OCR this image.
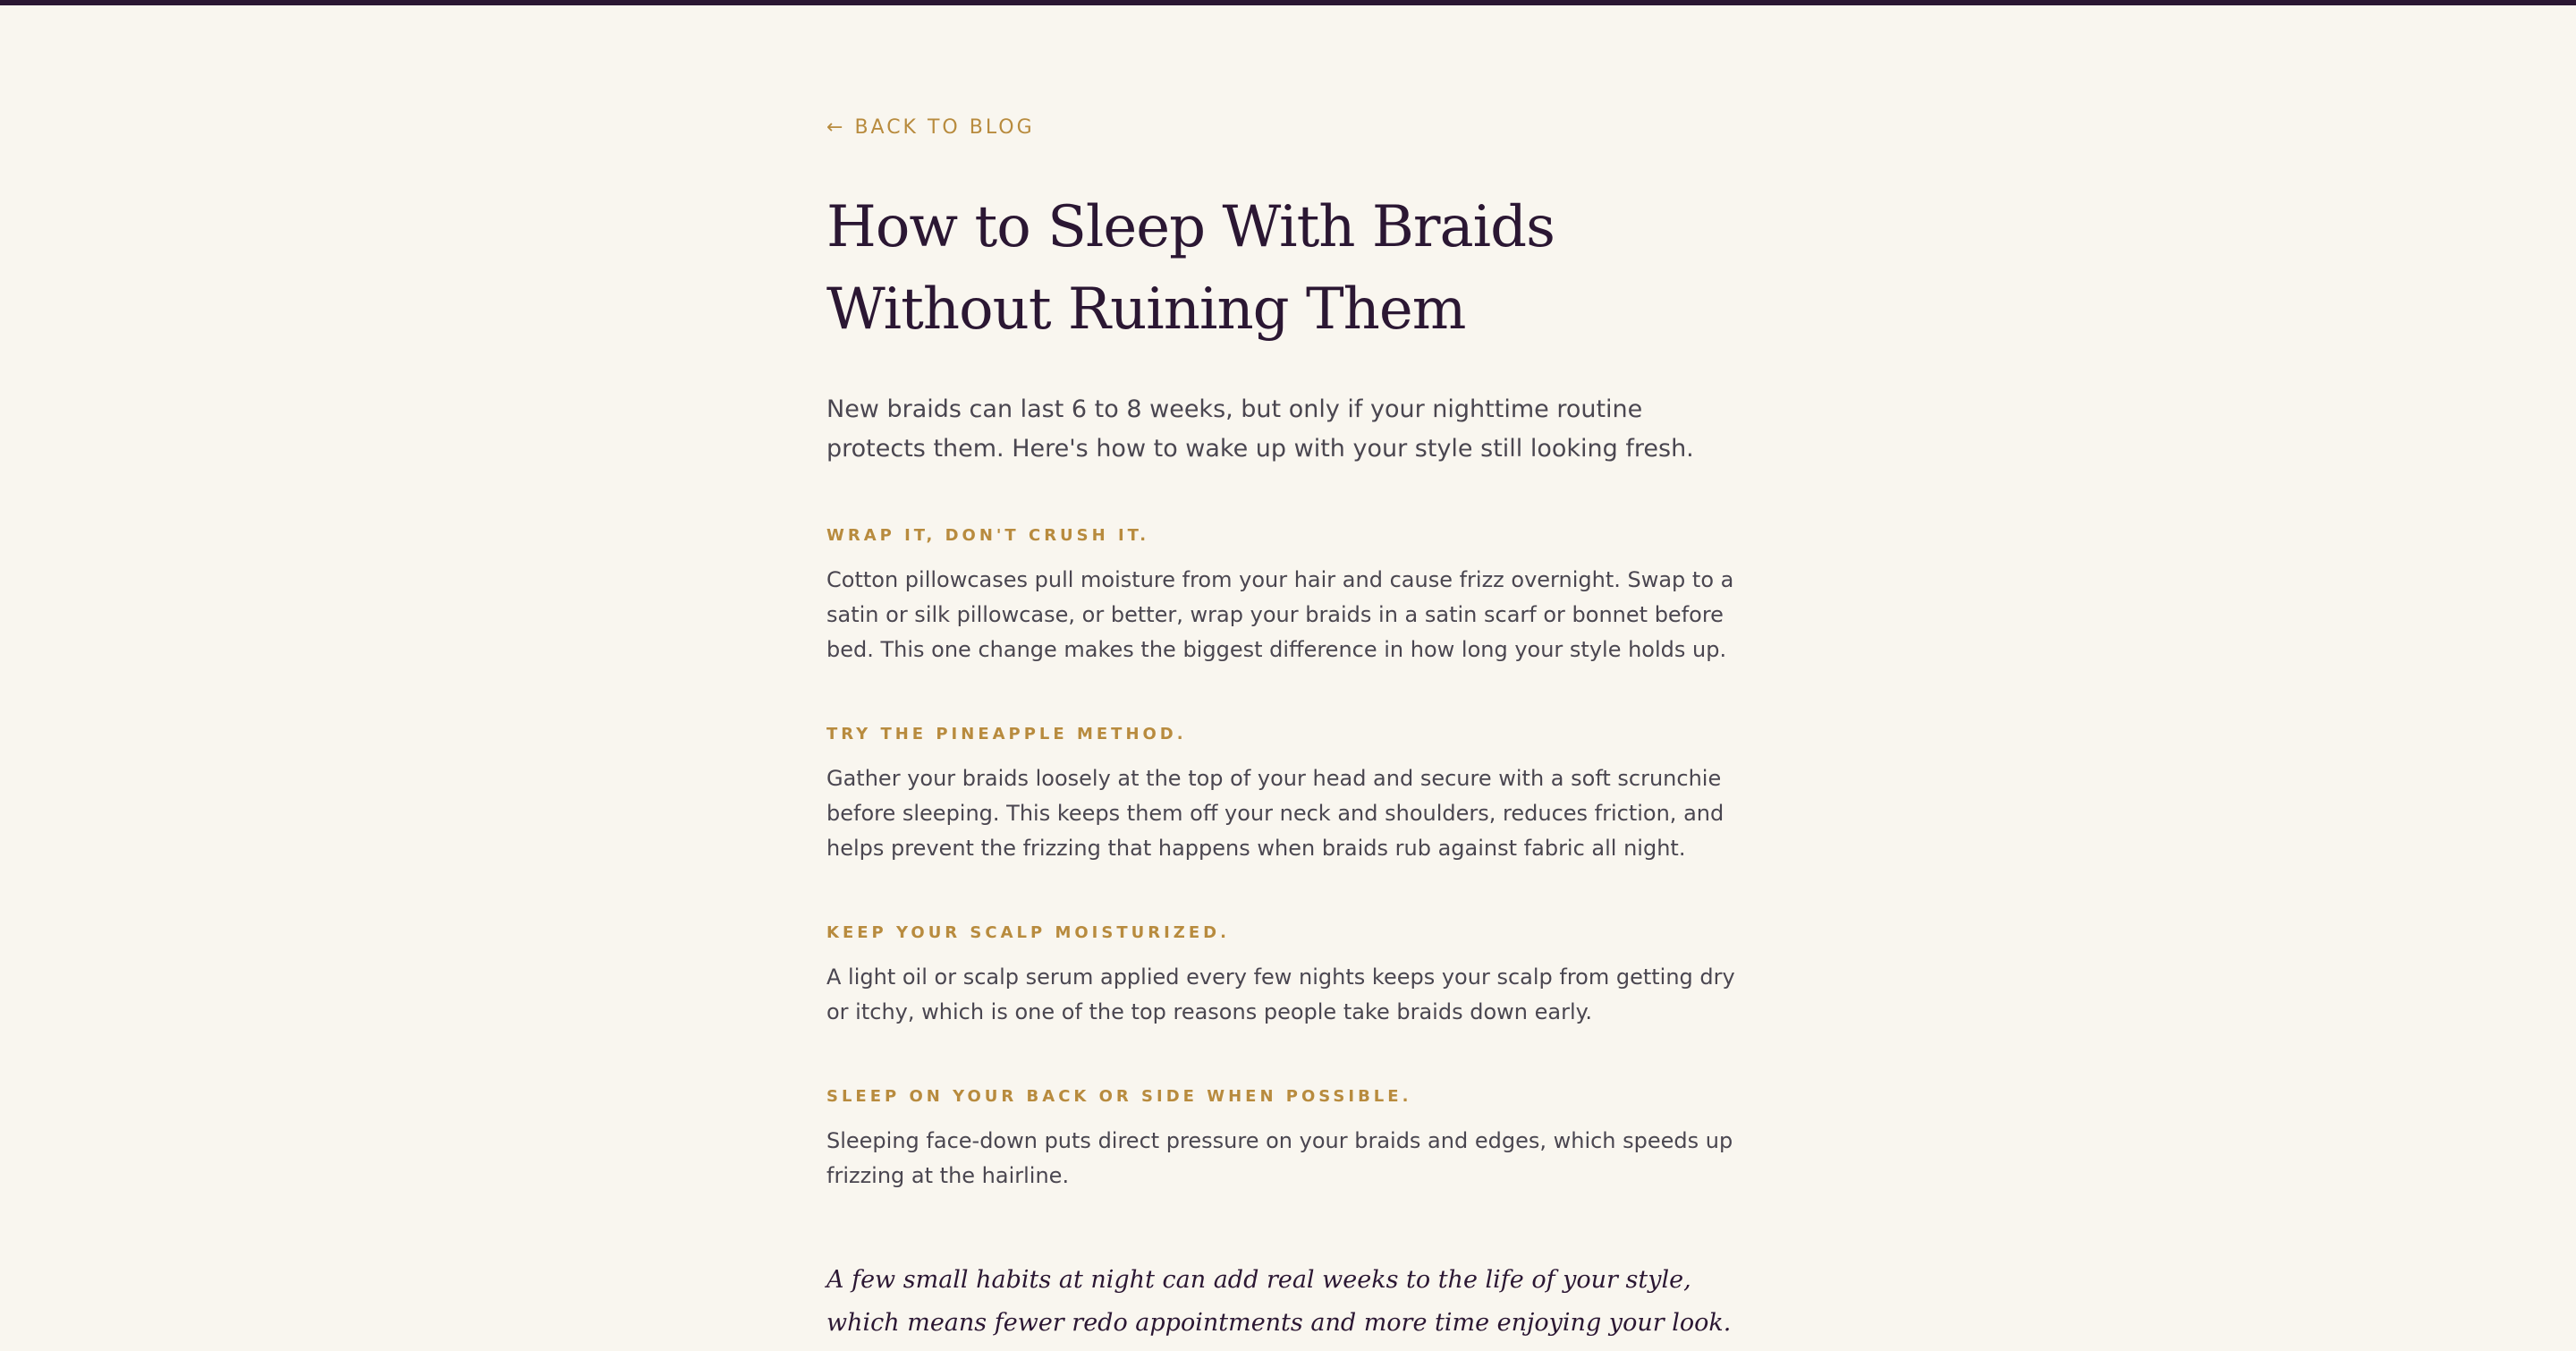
← BACK TO BLOG
How to Sleep With Braids Without Ruining Them

New braids can last 6 to 8 weeks, but only if your nighttime routine protects them. Here's how to wake up with your style still looking fresh.

WRAP IT, DON'T CRUSH IT.

Cotton pillowcases pull moisture from your hair and cause frizz overnight. Swap to a satin or silk pillowcase, or better, wrap your braids in a satin scarf or bonnet before bed. This one change makes the biggest difference in how long your style holds up.

TRY THE PINEAPPLE METHOD.

Gather your braids loosely at the top of your head and secure with a soft scrunchie before sleeping. This keeps them off your neck and shoulders, reduces friction, and helps prevent the frizzing that happens when braids rub against fabric all night.

KEEP YOUR SCALP MOISTURIZED.

A light oil or scalp serum applied every few nights keeps your scalp from getting dry or itchy, which is one of the top reasons people take braids down early.

SLEEP ON YOUR BACK OR SIDE WHEN POSSIBLE.

Sleeping face-down puts direct pressure on your braids and edges, which speeds up frizzing at the hairline.

A few small habits at night can add real weeks to the life of your style, which means fewer redo appointments and more time enjoying your look.
